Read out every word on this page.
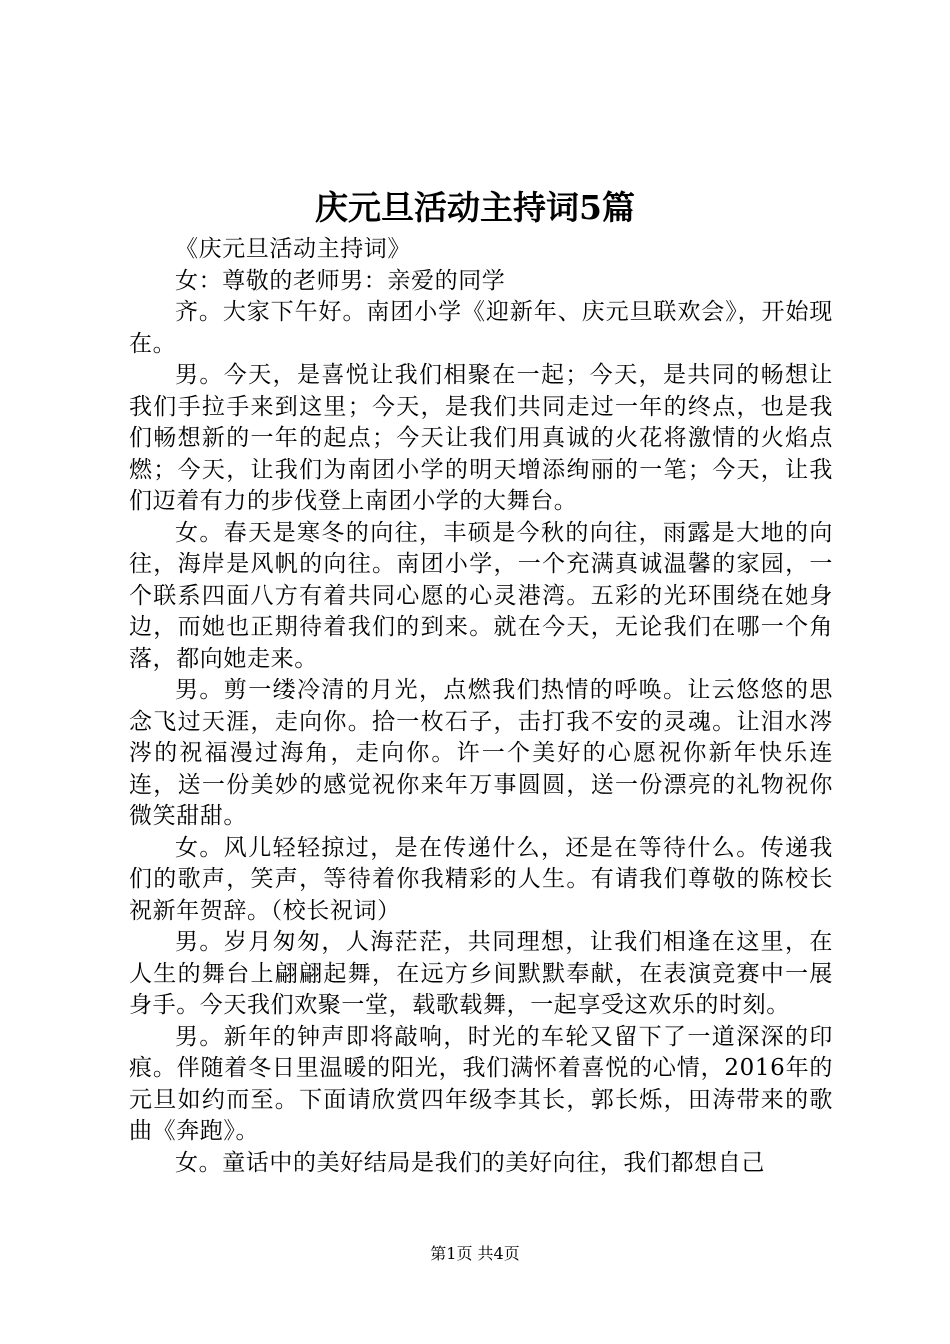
庆元旦活动主持词5篇

《庆元旦活动主持词》

女：尊敬的老师男：亲爱的同学

齐。大家下午好。南团小学《迎新年、庆元旦联欢会》，开始现在。

男。今天，是喜悦让我们相聚在一起；今天，是共同的畅想让我们手拉手来到这里；今天，是我们共同走过一年的终点，也是我们畅想新的一年的起点；今天让我们用真诚的火花将激情的火焰点燃；今天，让我们为南团小学的明天增添绚丽的一笔；今天，让我们迈着有力的步伐登上南团小学的大舞台。

女。春天是寒冬的向往，丰硕是今秋的向往，雨露是大地的向往，海岸是风帆的向往。南团小学，一个充满真诚温馨的家园，一个联系四面八方有着共同心愿的心灵港湾。五彩的光环围绕在她身边，而她也正期待着我们的到来。就在今天，无论我们在哪一个角落，都向她走来。

男。剪一缕冷清的月光，点燃我们热情的呼唤。让云悠悠的思念飞过天涯，走向你。拾一枚石子，击打我不安的灵魂。让泪水涔涔的祝福漫过海角，走向你。许一个美好的心愿祝你新年快乐连连，送一份美妙的感觉祝你来年万事圆圆，送一份漂亮的礼物祝你微笑甜甜。

女。风儿轻轻掠过，是在传递什么，还是在等待什么。传递我们的歌声，笑声，等待着你我精彩的人生。有请我们尊敬的陈校长祝新年贺辞。（校长祝词）

男。岁月匆匆，人海茫茫，共同理想，让我们相逢在这里，在人生的舞台上翩翩起舞，在远方乡间默默奉献，在表演竞赛中一展身手。今天我们欢聚一堂，载歌载舞，一起享受这欢乐的时刻。

男。新年的钟声即将敲响，时光的车轮又留下了一道深深的印痕。伴随着冬日里温暖的阳光，我们满怀着喜悦的心情，2016年的元旦如约而至。下面请欣赏四年级李其长，郭长烁，田涛带来的歌曲《奔跑》。

女。童话中的美好结局是我们的美好向往，我们都想自己

第1页 共4页
